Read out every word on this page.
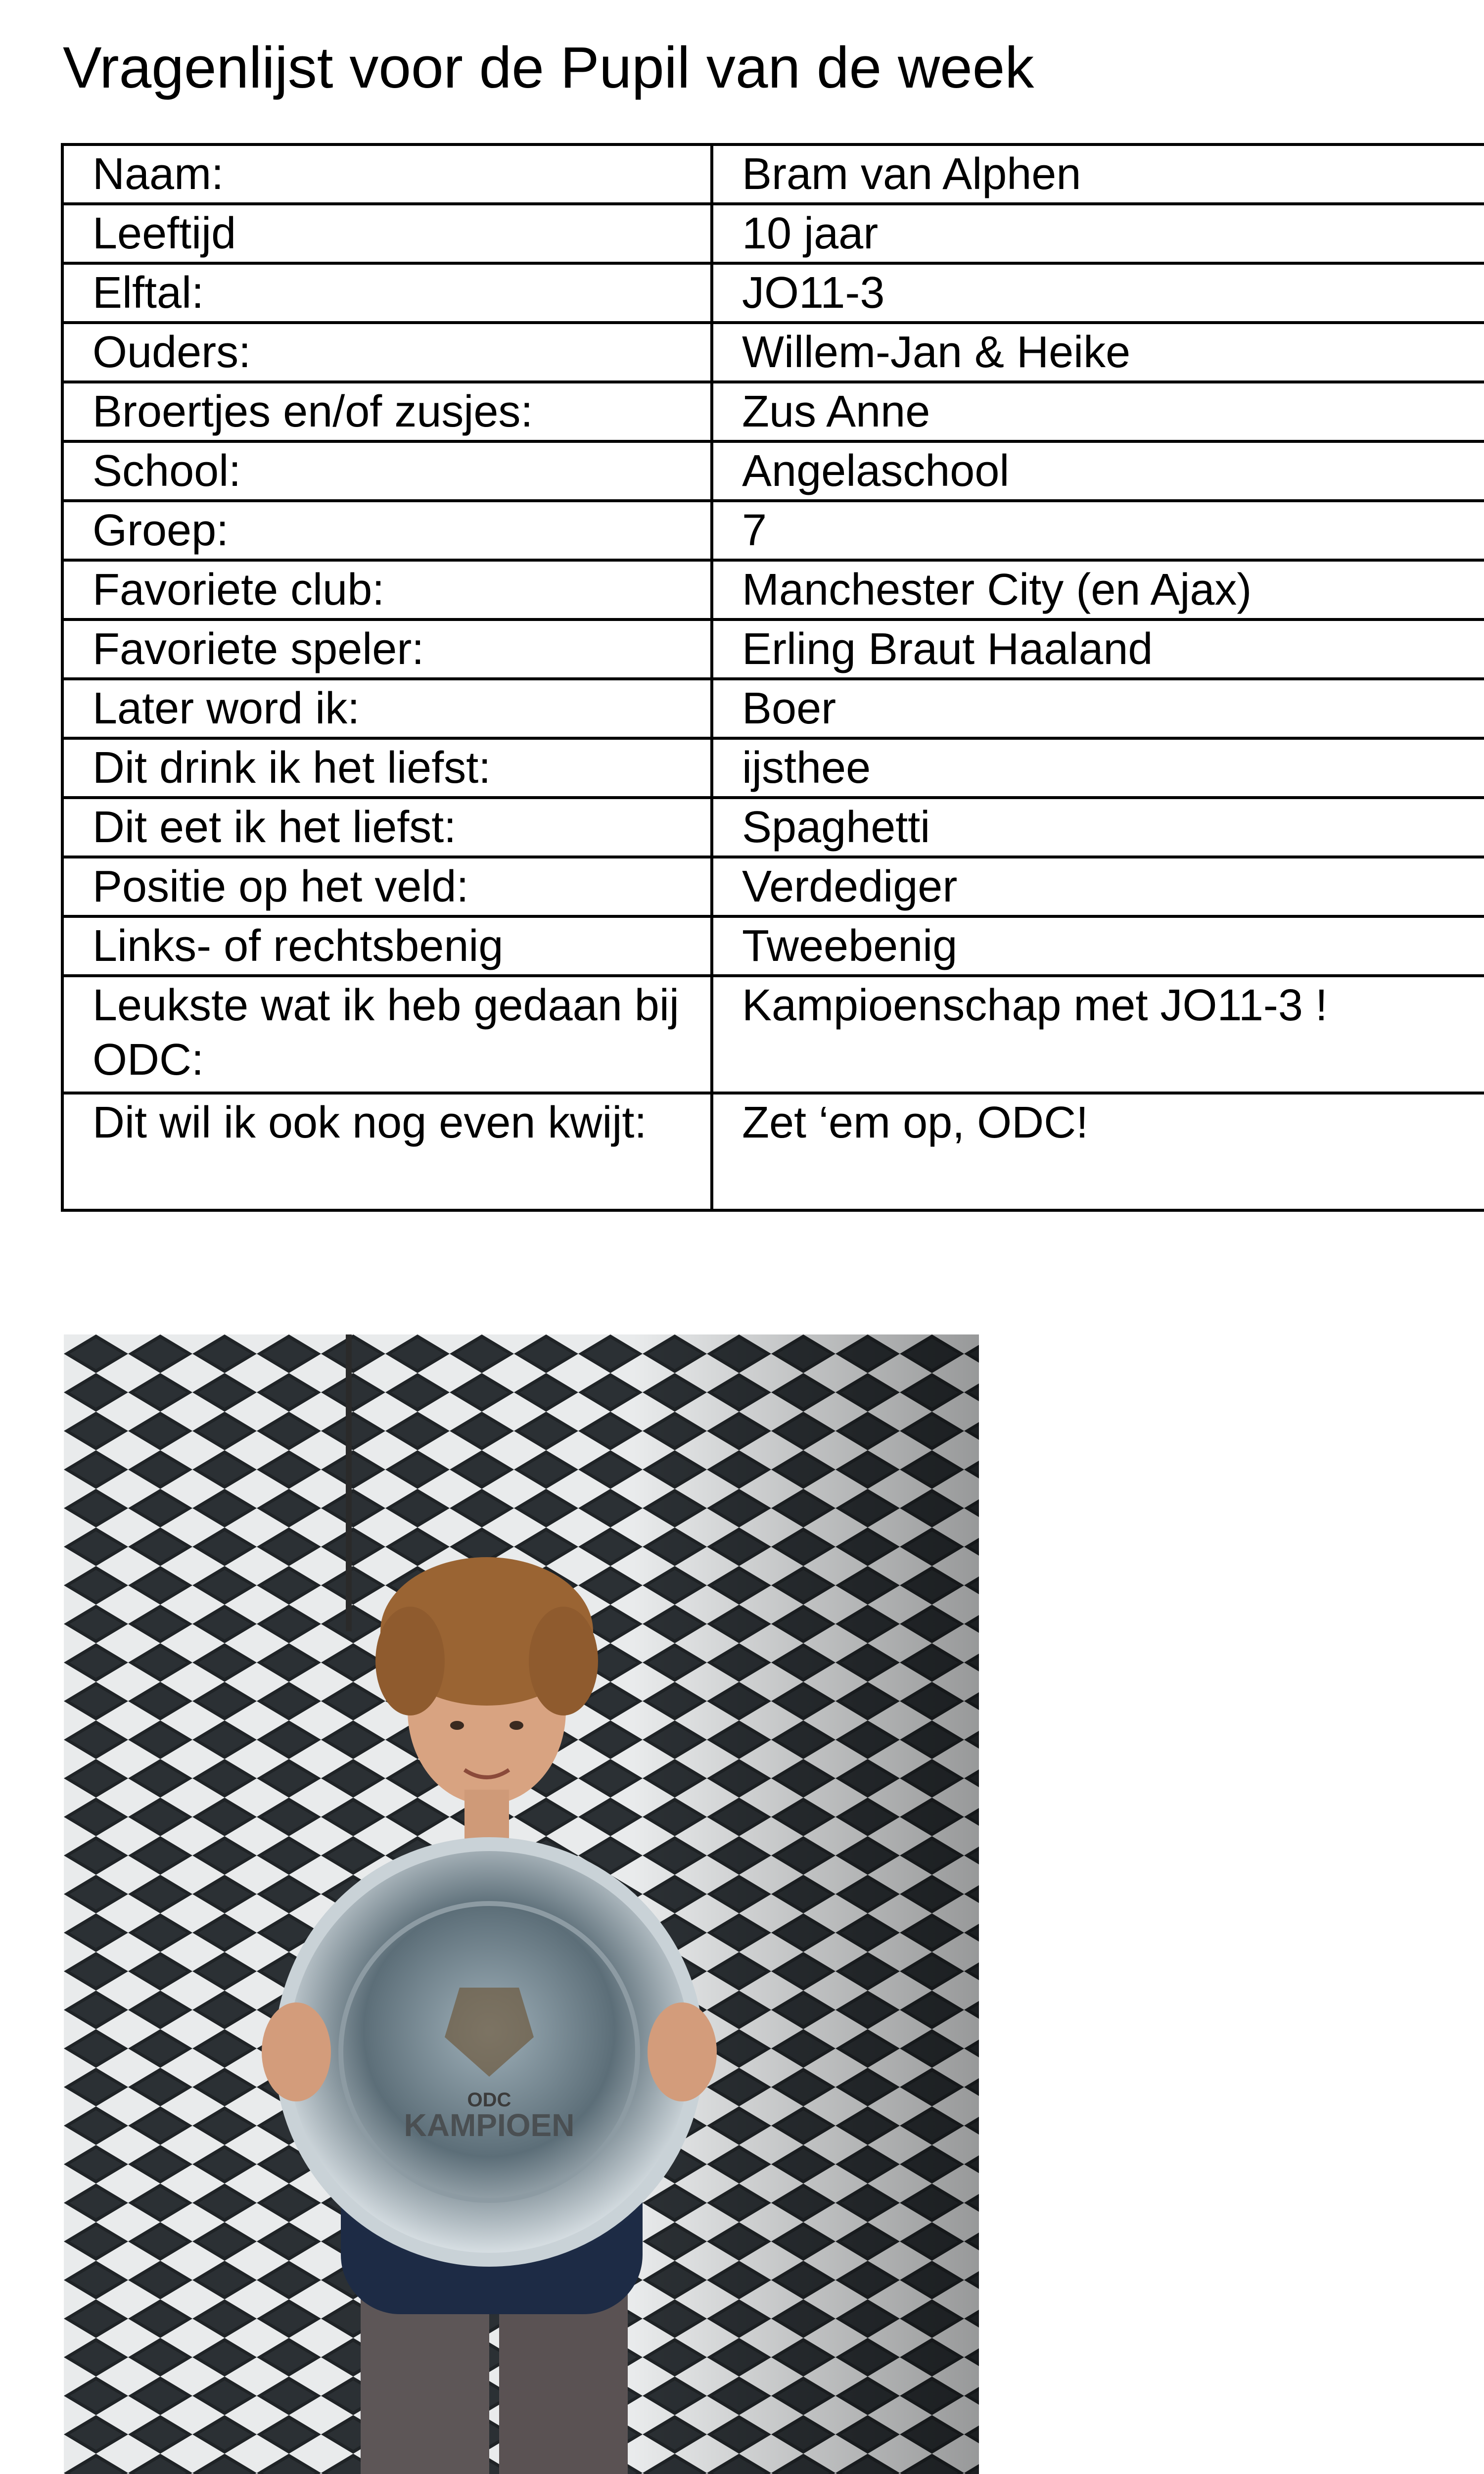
Vragenlijst voor de Pupil van de week
Naam:	Bram van Alphen
Leeftijd	10 jaar
Elftal:	JO11-3
Ouders:	Willem-Jan & Heike
Broertjes en/of zusjes:	Zus Anne
School:	Angelaschool
Groep:	7
Favoriete club:	Manchester City (en Ajax)
Favoriete speler:	Erling Braut Haaland
Later word ik:	Boer
Dit drink ik het liefst:	ijsthee
Dit eet ik het liefst:	Spaghetti
Positie op het veld:	Verdediger
Links- of rechtsbenig	Tweebenig
Leukste wat ik heb gedaan bij ODC:	Kampioenschap met JO11-3 !
Dit wil ik ook nog even kwijt:	Zet ‘em op, ODC!
ODC
KAMPIOEN
